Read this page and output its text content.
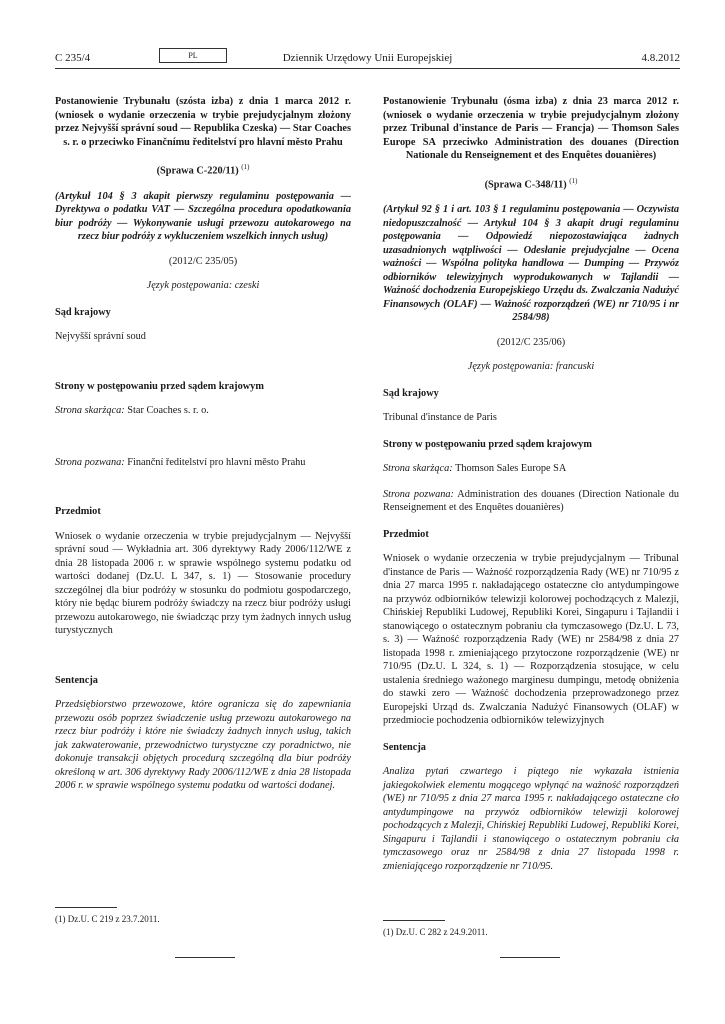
C 235/4	PL	Dziennik Urzędowy Unii Europejskiej	4.8.2012

Postanowienie Trybunału (szósta izba) z dnia 1 marca 2012 r. (wniosek o wydanie orzeczenia w trybie prejudycjalnym złożony przez Nejvyšší správní soud — Republika Czeska) — Star Coaches s. r. o przeciwko Finančnímu ředitelství pro hlavní město Prahu

(Sprawa C-220/11) $^{(1)}$

(Artykuł 104 § 3 akapit pierwszy regulaminu postępowania — Dyrektywa o podatku VAT — Szczególna procedura opodatkowania biur podróży — Wykonywanie usługi przewozu autokarowego na rzecz biur podróży z wykluczeniem wszelkich innych usług)

(2012/C 235/05)

Język postępowania: czeski

Sąd krajowy

Nejvyšší správní soud

Strony w postępowaniu przed sądem krajowym

Strona skarżąca: Star Coaches s. r. o.

Strona pozwana: Finanční ředitelství pro hlavní město Prahu

Przedmiot

Wniosek o wydanie orzeczenia w trybie prejudycjalnym — Nejvyšší správní soud — Wykładnia art. 306 dyrektywy Rady 2006/112/WE z dnia 28 listopada 2006 r. w sprawie wspólnego systemu podatku od wartości dodanej (Dz.U. L 347, s. 1) — Stosowanie procedury szczególnej dla biur podróży w stosunku do podmiotu gospodarczego, który nie będąc biurem podróży świadczy na rzecz biur podróży usługi przewozu autokarowego, nie świadcząc przy tym żadnych innych usług turystycznych

Sentencja

Przedsiębiorstwo przewozowe, które ogranicza się do zapewniania przewozu osób poprzez świadczenie usług przewozu autokarowego na rzecz biur podróży i które nie świadczy żadnych innych usług, takich jak zakwaterowanie, przewodnictwo turystyczne czy poradnictwo, nie dokonuje transakcji objętych procedurą szczególną dla biur podróży określoną w art. 306 dyrektywy Rady 2006/112/WE z dnia 28 listopada 2006 r. w sprawie wspólnego systemu podatku od wartości dodanej.

(1) Dz.U. C 219 z 23.7.2011.

Postanowienie Trybunału (ósma izba) z dnia 23 marca 2012 r. (wniosek o wydanie orzeczenia w trybie prejudycjalnym złożony przez Tribunal d'instance de Paris — Francja) — Thomson Sales Europe SA przeciwko Administration des douanes (Direction Nationale du Renseignement et des Enquêtes douanières)

(Sprawa C-348/11) $^{(1)}$

(Artykuł 92 § 1 i art. 103 § 1 regulaminu postępowania — Oczywista niedopuszczalność — Artykuł 104 § 3 akapit drugi regulaminu postępowania — Odpowiedź niepozostawiająca żadnych uzasadnionych wątpliwości — Odesłanie prejudycjalne — Ocena ważności — Wspólna polityka handlowa — Dumping — Przywóz odbiorników telewizyjnych wyprodukowanych w Tajlandii — Ważność dochodzenia Europejskiego Urzędu ds. Zwalczania Nadużyć Finansowych (OLAF) — Ważność rozporządzeń (WE) nr 710/95 i nr 2584/98)

(2012/C 235/06)

Język postępowania: francuski

Sąd krajowy

Tribunal d'instance de Paris

Strony w postępowaniu przed sądem krajowym

Strona skarżąca: Thomson Sales Europe SA

Strona pozwana: Administration des douanes (Direction Nationale du Renseignement et des Enquêtes douanières)

Przedmiot

Wniosek o wydanie orzeczenia w trybie prejudycjalnym — Tribunal d'instance de Paris — Ważność rozporządzenia Rady (WE) nr 710/95 z dnia 27 marca 1995 r. nakładającego ostateczne cło antydumpingowe na przywóz odbiorników telewizji kolorowej pochodzących z Malezji, Chińskiej Republiki Ludowej, Republiki Korei, Singapuru i Tajlandii i stanowiącego o ostatecznym pobraniu cła tymczasowego (Dz.U. L 73, s. 3) — Ważność rozporządzenia Rady (WE) nr 2584/98 z dnia 27 listopada 1998 r. zmieniającego przytoczone rozporządzenie (WE) nr 710/95 (Dz.U. L 324, s. 1) — Rozporządzenia stosujące, w celu ustalenia średniego ważonego marginesu dumpingu, metodę obniżenia do stawki zero — Ważność dochodzenia przeprowadzonego przez Europejski Urząd ds. Zwalczania Nadużyć Finansowych (OLAF) w przedmiocie pochodzenia odbiorników telewizyjnych

Sentencja

Analiza pytań czwartego i piątego nie wykazała istnienia jakiegokolwiek elementu mogącego wpłynąć na ważność rozporządzeń (WE) nr 710/95 z dnia 27 marca 1995 r. nakładającego ostateczne cło antydumpingowe na przywóz odbiorników telewizji kolorowej pochodzących z Malezji, Chińskiej Republiki Ludowej, Republiki Korei, Singapuru i Tajlandii i stanowiącego o ostatecznym pobraniu cła tymczasowego oraz nr 2584/98 z dnia 27 listopada 1998 r. zmieniającego rozporządzenie nr 710/95.

(1) Dz.U. C 282 z 24.9.2011.
